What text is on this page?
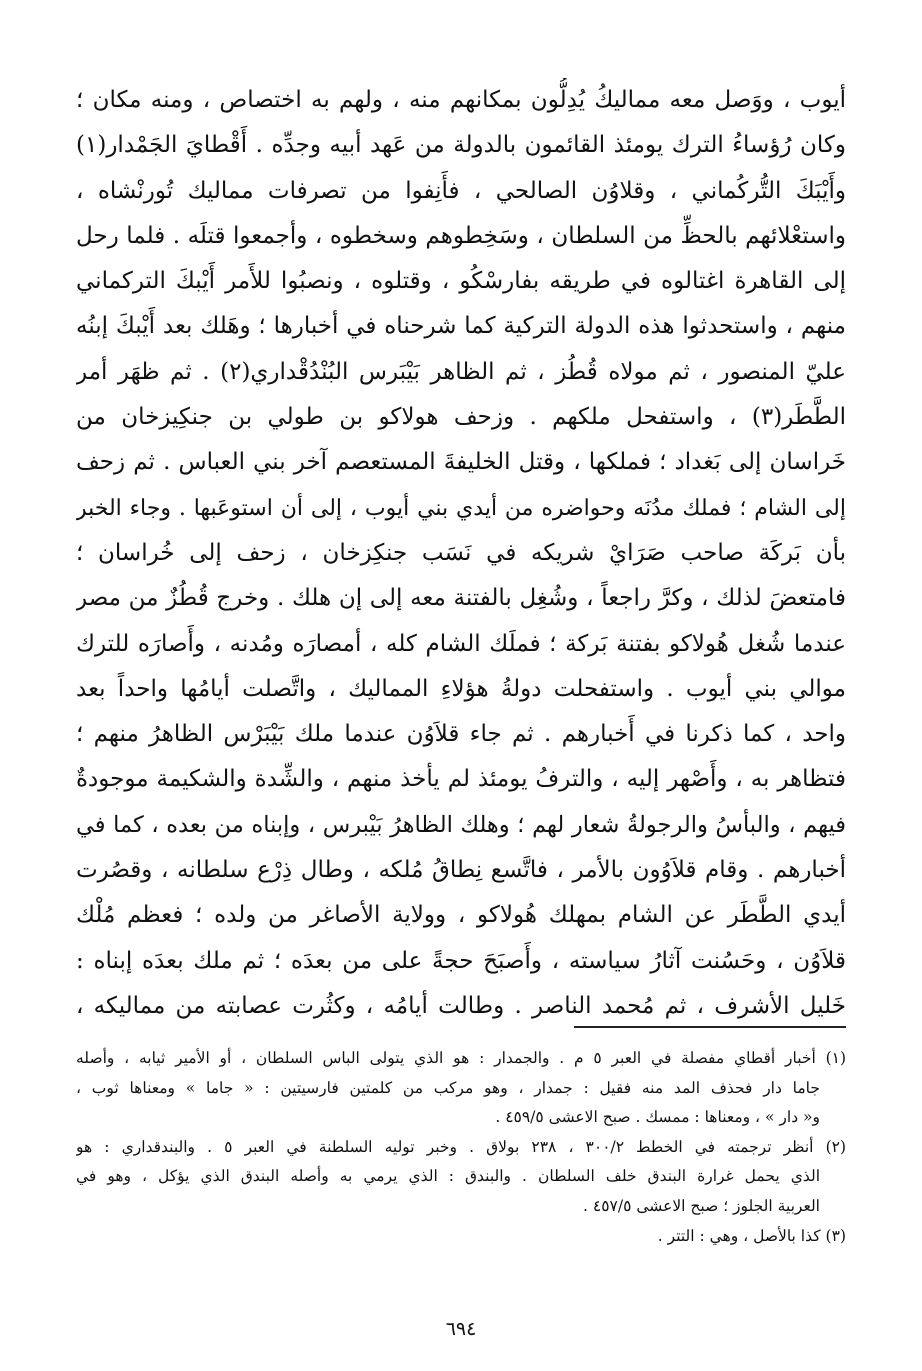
أيوب ، ووَصل معه مماليكُ يُدِلُّون بمكانهم منه ، ولهم به اختصاص ، ومنه مكان ؛
وكان رُؤساءُ الترك يومئذ القائمون بالدولة من عَهد أبيه وجدِّه . أَقْطايَ الجَمْدار(١)
وأَيْبَكَ التُّركُماني ، وقلاوُن الصالحي ، فأَنِفوا من تصرفات مماليك تُورنْشاه ،
واستعْلائهم بالحظِّ من السلطان ، وسَخِطوهم وسخطوه ، وأجمعوا قتلَه . فلما رحل
إلى القاهرة اغتالوه في طريقه بفارسْكُو ، وقتلوه ، ونصبُوا للأَمر أَيْبكَ التركماني
منهم ، واستحدثوا هذه الدولة التركية كما شرحناه في أخبارها ؛ وهَلك بعد أَيْبكَ إبنُه
عليّ المنصور ، ثم مولاه قُطُز ، ثم الظاهر بَيْبَرس البُنْدُقْداري(٢) . ثم ظهَر أمر
الطَّطَر(٣) ، واستفحل ملكهم . وزحف هولاكو بن طولي بن جنكِيزخان من
خَراسان إلى بَغداد ؛ فملكها ، وقتل الخليفةَ المستعصم آخر بني العباس . ثم زحف
إلى الشام ؛ فملك مدُنَه وحواضره من أيدي بني أيوب ، إلى أن استوعَبها . وجاء الخبر
بأن بَركَة صاحب صَرَايْ شريكه في نَسَب جنكِزخان ، زحف إلى خُراسان ؛
فامتعضَ لذلك ، وكرَّ راجعاً ، وشُغِل بالفتنة معه إلى إن هلك . وخرج قُطُزٌ من مصر
عندما شُغل هُولاكو بفتنة بَركة ؛ فملَك الشام كله ، أمصارَه ومُدنه ، وأَصارَه للترك
موالي بني أيوب . واستفحلت دولةُ هؤلاءِ المماليك ، واتَّصلت أيامُها واحداً بعد
واحد ، كما ذكرنا في أَخبارهم . ثم جاء قلاَوُن عندما ملك بَيْبَرْس الظاهرُ منهم ؛
فتظاهر به ، وأَصْهر إليه ، والترفُ يومئذ لم يأخذ منهم ، والشِّدة والشكيمة موجودةٌ
فيهم ، والبأسُ والرجولةُ شعار لهم ؛ وهلك الظاهرُ بَيْبرس ، وإبناه من بعده ، كما في
أخبارهم . وقام قلاَوُون بالأمر ، فاتَّسع نِطاقُ مُلكه ، وطال ذِرْع سلطانه ، وقصُرت
أيدي الطَّطَر عن الشام بمهلك هُولاكو ، وولاية الأصاغر من ولده ؛ فعظم مُلْك
قلاَوُن ، وحَسُنت آثارُ سياسته ، وأَصبَحَ حجةً على من بعدَه ؛ ثم ملك بعدَه إبناه :
خَليل الأشرف ، ثم مُحمد الناصر . وطالت أيامُه ، وكثُرت عصابته من مماليكه ،
(١) أخبار أقطاي مفصلة في العبر ٥ م . والجمدار : هو الذي يتولى الباس السلطان ، أو الأمير ثيابه ، وأصله
جاما دار فحذف المد منه فقيل : جمدار ، وهو مركب من كلمتين فارسيتين : « جاما » ومعناها ثوب ،
و« دار » ، ومعناها : ممسك . صبح الاعشى ٤٥٩/٥ .
(٢) أنظر ترجمته في الخطط ٣٠٠/٢ ، ٢٣٨ بولاق . وخبر توليه السلطنة في العبر ٥ . والبندقداري : هو
الذي يحمل غرارة البندق خلف السلطان . والبندق : الذي يرمي به وأصله البندق الذي يؤكل ، وهو في
العربية الجلوز ؛ صبح الاعشى ٤٥٧/٥ .
(٣) كذا بالأصل ، وهي : التتر .
٦٩٤
